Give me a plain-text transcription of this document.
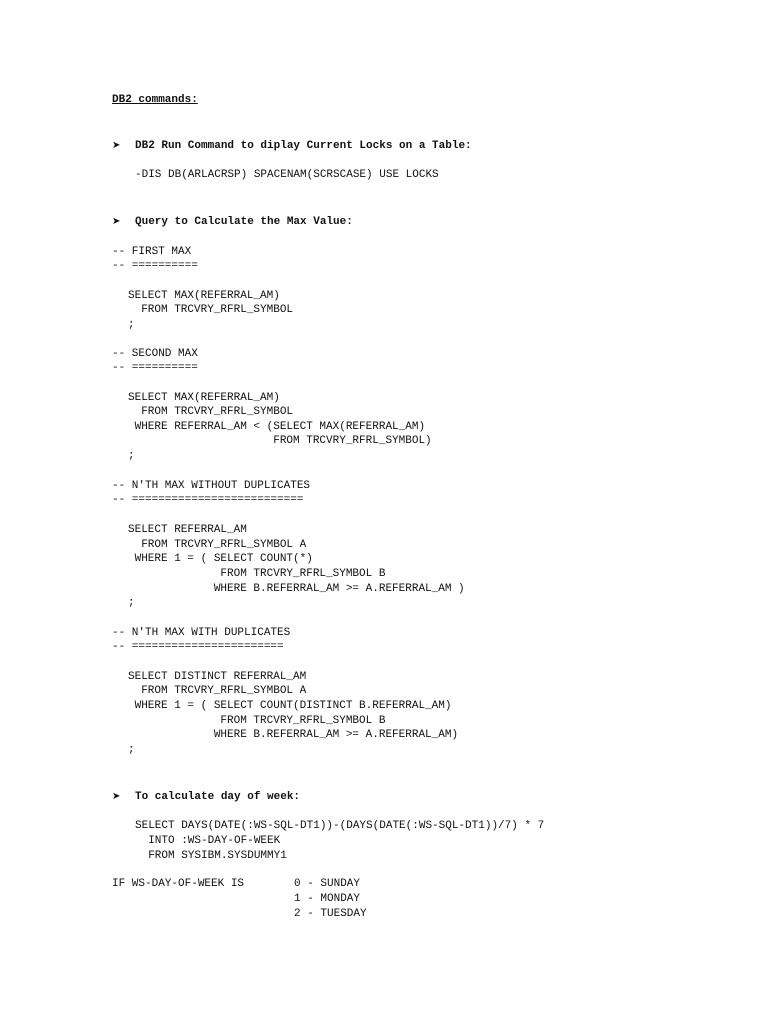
DB2 commands:
➤ DB2 Run Command to diplay Current Locks on a Table:
-DIS DB(ARLACRSP) SPACENAM(SCRSCASE) USE LOCKS
➤ Query to Calculate the Max Value:
-- FIRST MAX
-- ==========
SELECT MAX(REFERRAL_AM)
FROM TRCVRY_RFRL_SYMBOL
;
-- SECOND MAX
-- ==========
SELECT MAX(REFERRAL_AM)
FROM TRCVRY_RFRL_SYMBOL
WHERE REFERRAL_AM < (SELECT MAX(REFERRAL_AM)
FROM TRCVRY_RFRL_SYMBOL)
;
-- N'TH MAX WITHOUT DUPLICATES
-- ==========================
SELECT REFERRAL_AM
FROM TRCVRY_RFRL_SYMBOL A
WHERE 1 = ( SELECT COUNT(*)
FROM TRCVRY_RFRL_SYMBOL B
WHERE B.REFERRAL_AM >= A.REFERRAL_AM )
;
-- N'TH MAX WITH DUPLICATES
-- =======================
SELECT DISTINCT REFERRAL_AM
FROM TRCVRY_RFRL_SYMBOL A
WHERE 1 = ( SELECT COUNT(DISTINCT B.REFERRAL_AM)
FROM TRCVRY_RFRL_SYMBOL B
WHERE B.REFERRAL_AM >= A.REFERRAL_AM)
;
➤ To calculate day of week:
SELECT DAYS(DATE(:WS-SQL-DT1))-(DAYS(DATE(:WS-SQL-DT1))/7) * 7
INTO :WS-DAY-OF-WEEK
FROM SYSIBM.SYSDUMMY1
IF WS-DAY-OF-WEEK IS	0 - SUNDAY
1 - MONDAY
2 - TUESDAY
